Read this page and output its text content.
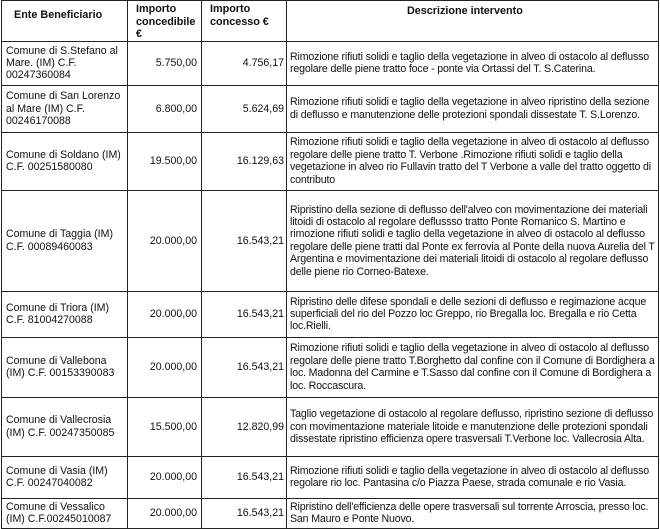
Ente Beneficiario	Importo concedibile €	Importo concesso €	Descrizione intervento
Comune di S.Stefano al Mare. (IM) C.F. 00247360084	5.750,00	4.756,17	Rimozione rifiuti solidi e taglio della vegetazione in alveo di ostacolo al deflusso regolare delle piene tratto foce - ponte via Ortassi del T. S.Caterina.
Comune di San Lorenzo al Mare (IM) C.F. 00246170088	6.800,00	5.624,69	Rimozione rifiuti solidi e taglio della vegetazione in alveo ripristino della sezione di deflusso e manutenzione delle protezioni spondali dissestate T. S.Lorenzo.
Comune di Soldano (IM) C.F. 00251580080	19.500,00	16.129,63	Rimozione rifiuti solidi e taglio della vegetazione in alveo di ostacolo al deflusso regolare delle piene tratto T. Verbone .Rimozione rifiuti solidi e taglio della vegetazione in alveo rio Fullavin tratto del T Verbone a valle del tratto oggetto di contributo
Comune di Taggia (IM) C.F. 00089460083	20.000,00	16.543,21	Ripristino della sezione di deflusso dell'alveo con movimentazione dei materiali litoidi di ostacolo al regolare deflussso tratto Ponte Romanico S. Martino e rimozione rifiuti solidi e taglio della vegetazione in alveo di ostacolo al deflusso regolare delle piene tratti dal Ponte ex ferrovia al Ponte della nuova Aurelia del T Argentina e movimentazione dei materiali litoidi di ostacolo al regolare deflusso delle piene rio Corneo-Batexe.
Comune di Triora (IM) C.F. 81004270088	20.000,00	16.543,21	Ripristino delle difese spondali e delle sezioni di deflusso e regimazione acque superficiali del rio del Pozzo loc Greppo, rio Bregalla loc. Bregalla e rio Cetta loc.Rielli.
Comune di Vallebona (IM) C.F. 00153390083	20.000,00	16.543,21	Rimozione rifiuti solidi e taglio della vegetazione in alveo di ostacolo al deflusso regolare delle piene tratto T.Borghetto dal confine con il Comune di Bordighera a loc. Madonna del Carmine e T.Sasso dal confine con il Comune di Bordighera a loc. Roccascura.
Comune di Vallecrosia (IM) C.F. 00247350085	15.500,00	12.820,99	Taglio vegetazione di ostacolo al regolare deflusso, ripristino sezione di deflusso con movimentazione materiale litoide e manutenzione delle protezioni spondali dissestate ripristino efficienza opere trasversali T.Verbone loc. Vallecrosia Alta.
Comune di Vasia (IM) C.F. 00247040082	20.000,00	16.543,21	Rimozione rifiuti solidi e taglio della vegetazione in alveo di ostacolo al deflusso regolare rio loc. Pantasina c/o Piazza Paese, strada comunale e rio Vasia.
Comune di Vessalico (IM) C.F.00245010087	20.000,00	16.543,21	Ripristino dell'efficienza delle opere trasversali sul torrente Arroscia, presso loc. San Mauro e Ponte Nuovo.
